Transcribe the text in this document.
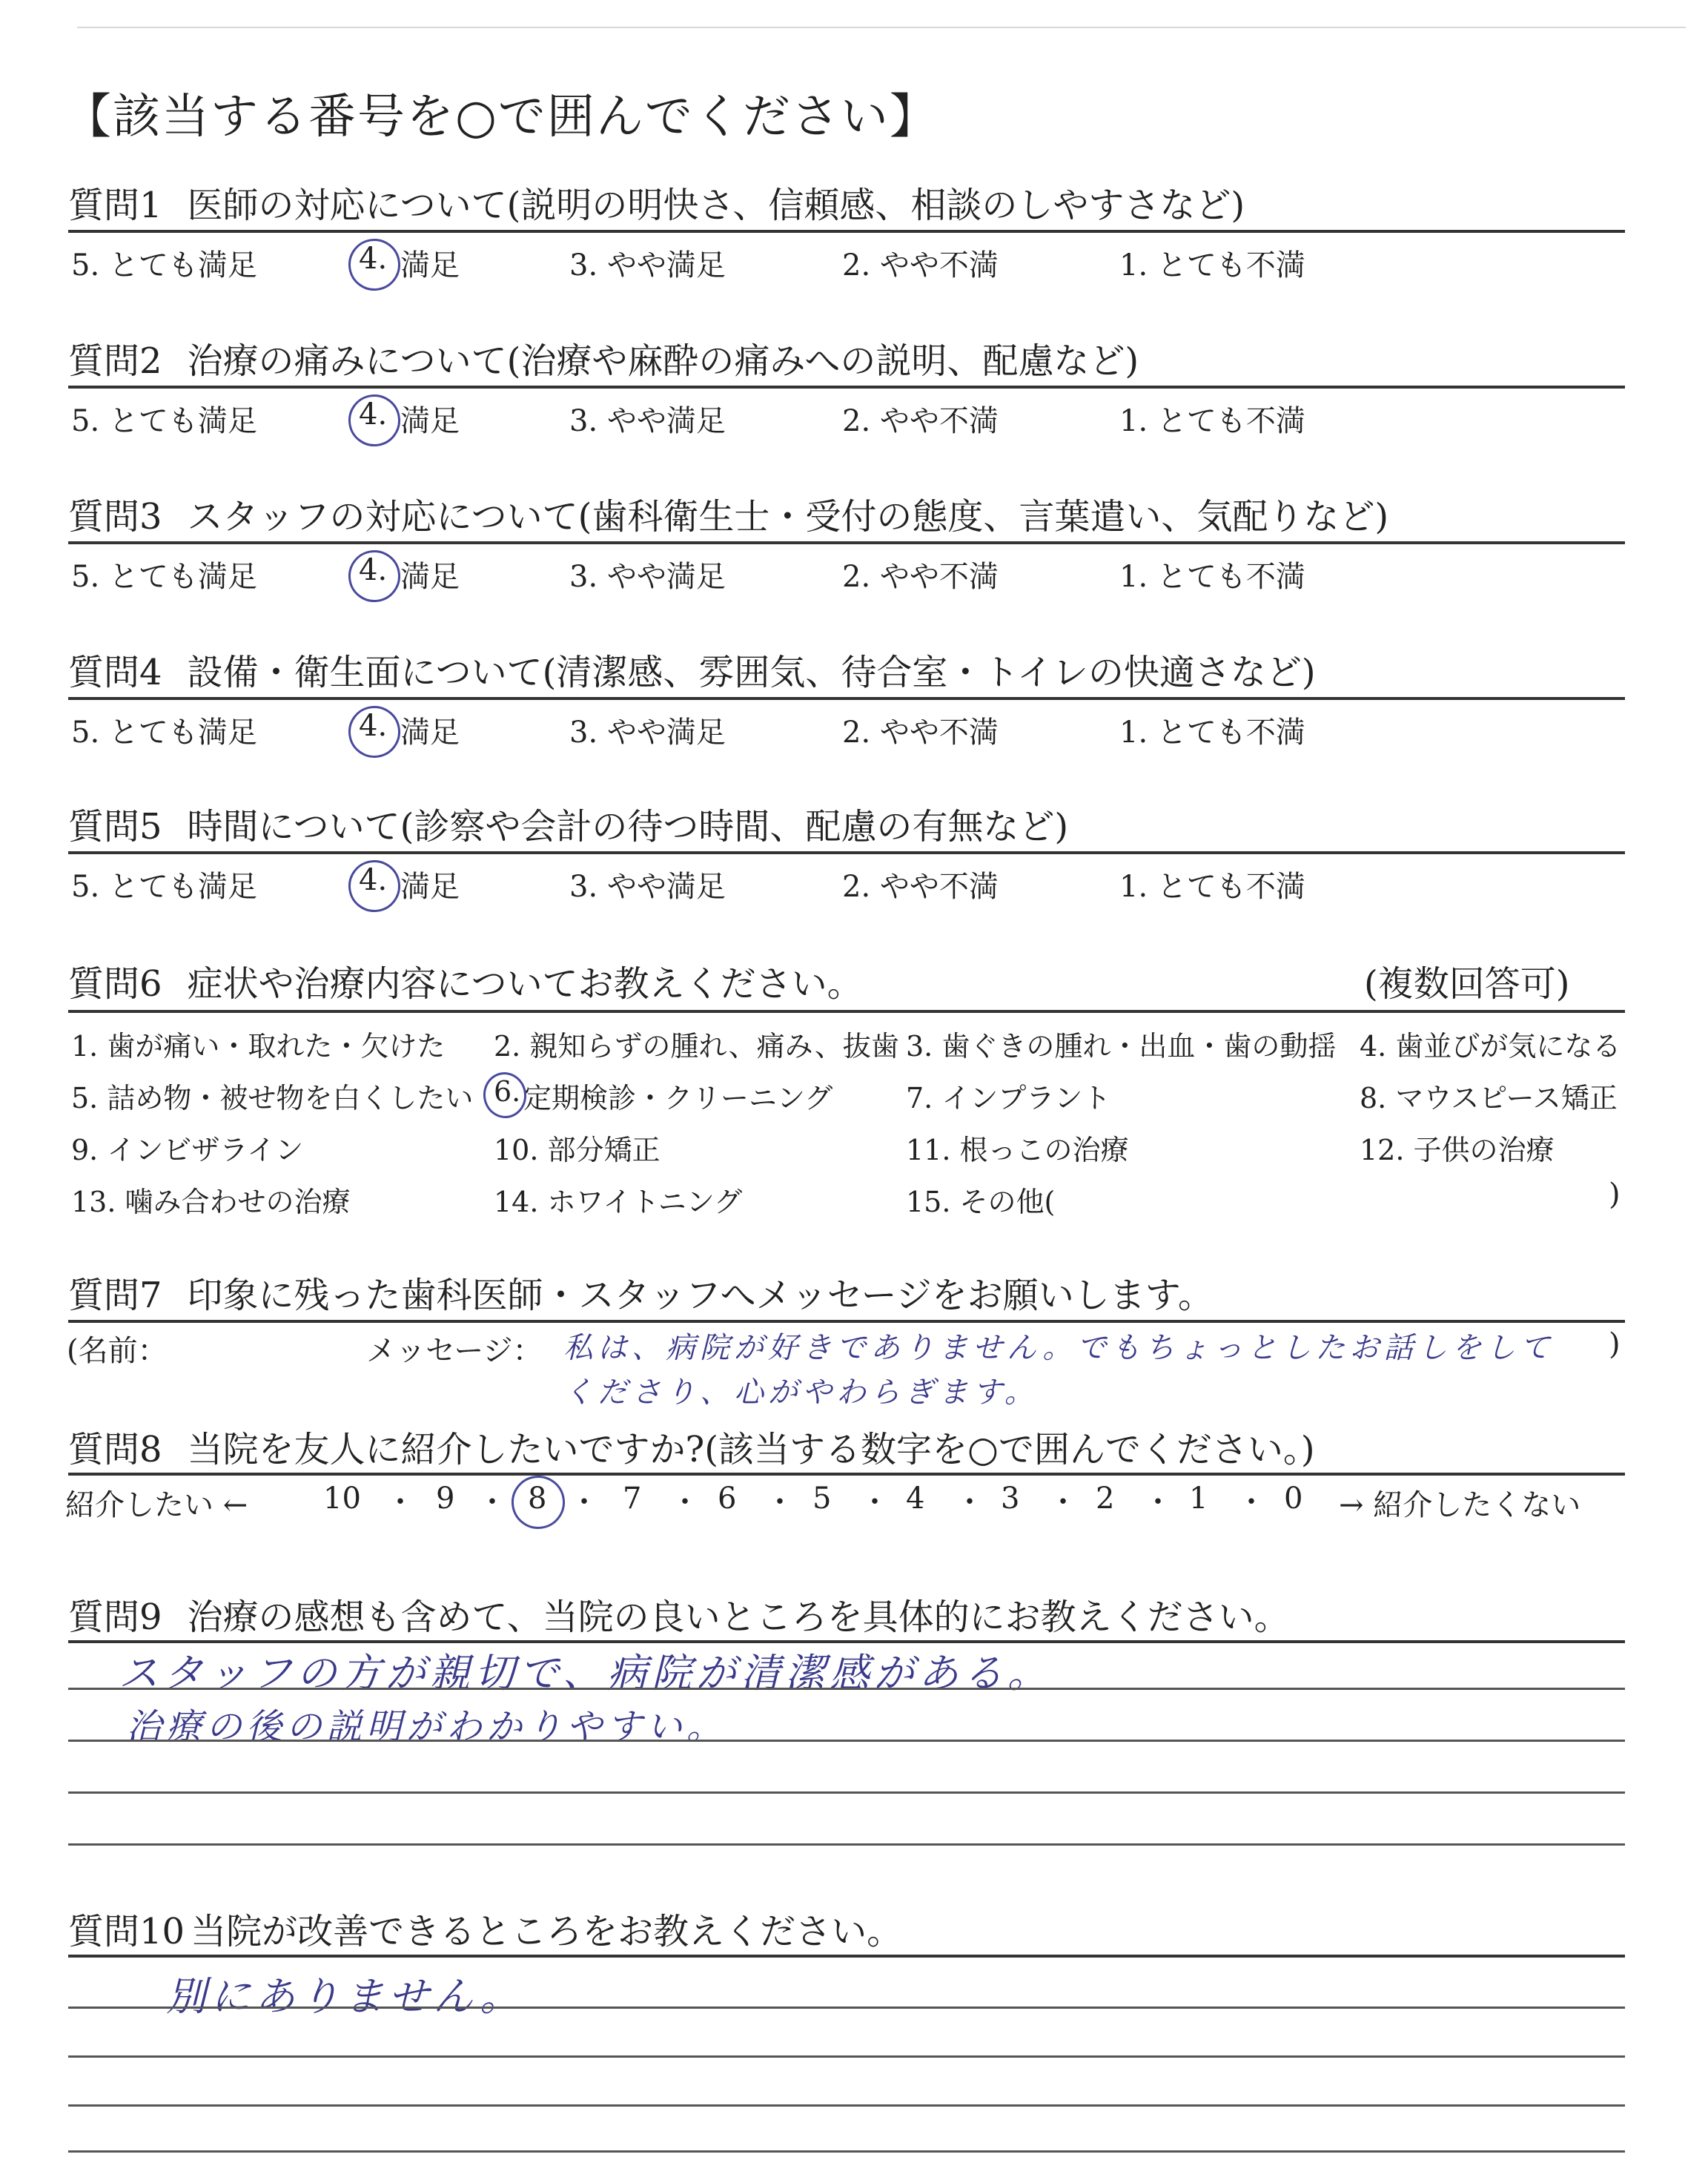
【該当する番号を○で囲んでください】
質問1 医師の対応について(説明の明快さ、信頼感、相談のしやすさなど)
5. とても満足	4. 満足	3. やや満足	2. やや不満	1. とても不満
質問2 治療の痛みについて(治療や麻酔の痛みへの説明、配慮など)
5. とても満足	4. 満足	3. やや満足	2. やや不満	1. とても不満
質問3 スタッフの対応について(歯科衛生士・受付の態度、言葉遣い、気配りなど)
5. とても満足	4. 満足	3. やや満足	2. やや不満	1. とても不満
質問4 設備・衛生面について(清潔感、雰囲気、待合室・トイレの快適さなど)
5. とても満足	4. 満足	3. やや満足	2. やや不満	1. とても不満
質問5 時間について(診察や会計の待つ時間、配慮の有無など)
5. とても満足	4. 満足	3. やや満足	2. やや不満	1. とても不満
質問6 症状や治療内容についてお教えください。	(複数回答可)
1. 歯が痛い・取れた・欠けた 2. 親知らずの腫れ、痛み、抜歯 3. 歯ぐきの腫れ・出血・歯の動揺 4. 歯並びが気になる
5. 詰め物・被せ物を白くしたい 6. 定期検診・クリーニング	7. インプラント	8. マウスピース矯正
9. インビザライン	10. 部分矯正	11. 根っこの治療	12. 子供の治療
13. 噛み合わせの治療	14. ホワイトニング	15. その他(	)
質問7 印象に残った歯科医師・スタッフへメッセージをお願いします。
(名前：	メッセージ： 私は、病院が好きでありません。でもちょっとしたお話しをして )
くださり、心がやわらぎます。
質問8 当院を友人に紹介したいですか?(該当する数字を○で囲んでください。)
紹介したい ←	10 ・ 9 ・ 8 ・ 7 ・ 6 ・ 5 ・ 4 ・ 3 ・ 2 ・ 1 ・ 0 → 紹介したくない
質問9 治療の感想も含めて、当院の良いところを具体的にお教えください。
スタッフの方が親切で、病院が清潔感がある。
治療の後の説明がわかりやすい。
質問10 当院が改善できるところをお教えください。
別にありません。
